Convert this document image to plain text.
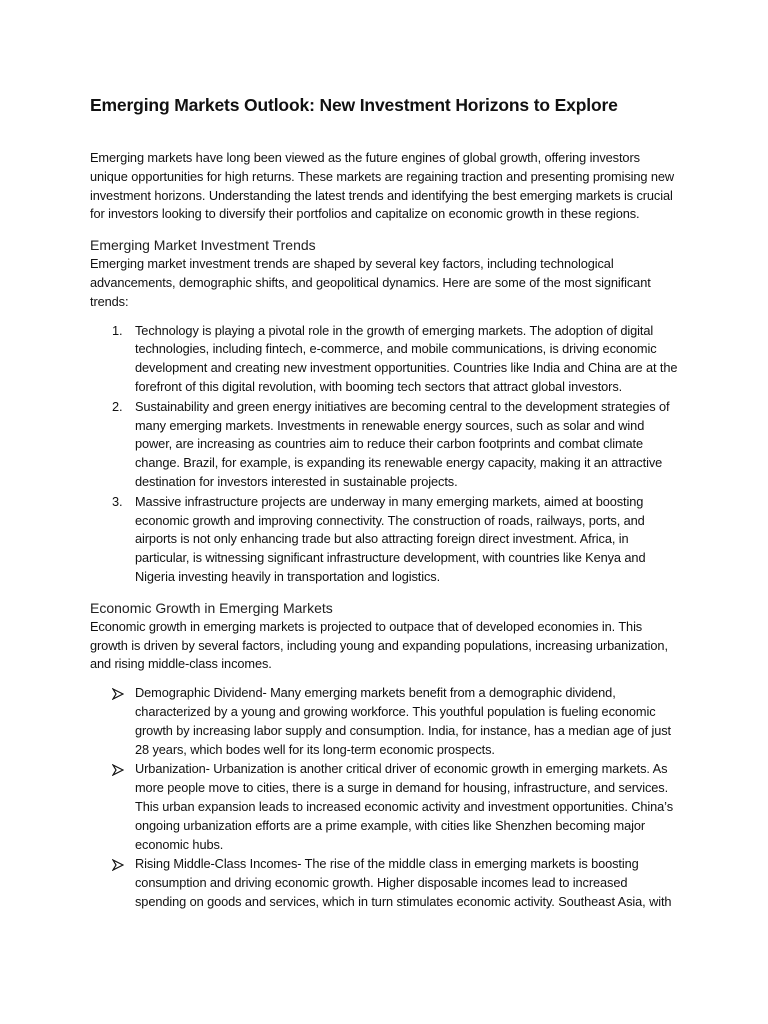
Emerging Markets Outlook: New Investment Horizons to Explore

Emerging markets have long been viewed as the future engines of global growth, offering investors unique opportunities for high returns. These markets are regaining traction and presenting promising new investment horizons. Understanding the latest trends and identifying the best emerging markets is crucial for investors looking to diversify their portfolios and capitalize on economic growth in these regions.

Emerging Market Investment Trends

Emerging market investment trends are shaped by several key factors, including technological advancements, demographic shifts, and geopolitical dynamics. Here are some of the most significant trends:

1. Technology is playing a pivotal role in the growth of emerging markets. The adoption of digital technologies, including fintech, e-commerce, and mobile communications, is driving economic development and creating new investment opportunities. Countries like India and China are at the forefront of this digital revolution, with booming tech sectors that attract global investors.
2. Sustainability and green energy initiatives are becoming central to the development strategies of many emerging markets. Investments in renewable energy sources, such as solar and wind power, are increasing as countries aim to reduce their carbon footprints and combat climate change. Brazil, for example, is expanding its renewable energy capacity, making it an attractive destination for investors interested in sustainable projects.
3. Massive infrastructure projects are underway in many emerging markets, aimed at boosting economic growth and improving connectivity. The construction of roads, railways, ports, and airports is not only enhancing trade but also attracting foreign direct investment. Africa, in particular, is witnessing significant infrastructure development, with countries like Kenya and Nigeria investing heavily in transportation and logistics.
Economic Growth in Emerging Markets

Economic growth in emerging markets is projected to outpace that of developed economies in. This growth is driven by several factors, including young and expanding populations, increasing urbanization, and rising middle-class incomes.

Demographic Dividend- Many emerging markets benefit from a demographic dividend, characterized by a young and growing workforce. This youthful population is fueling economic growth by increasing labor supply and consumption. India, for instance, has a median age of just 28 years, which bodes well for its long-term economic prospects.
Urbanization- Urbanization is another critical driver of economic growth in emerging markets. As more people move to cities, there is a surge in demand for housing, infrastructure, and services. This urban expansion leads to increased economic activity and investment opportunities. China’s ongoing urbanization efforts are a prime example, with cities like Shenzhen becoming major economic hubs.
Rising Middle-Class Incomes- The rise of the middle class in emerging markets is boosting consumption and driving economic growth. Higher disposable incomes lead to increased spending on goods and services, which in turn stimulates economic activity. Southeast Asia, with
